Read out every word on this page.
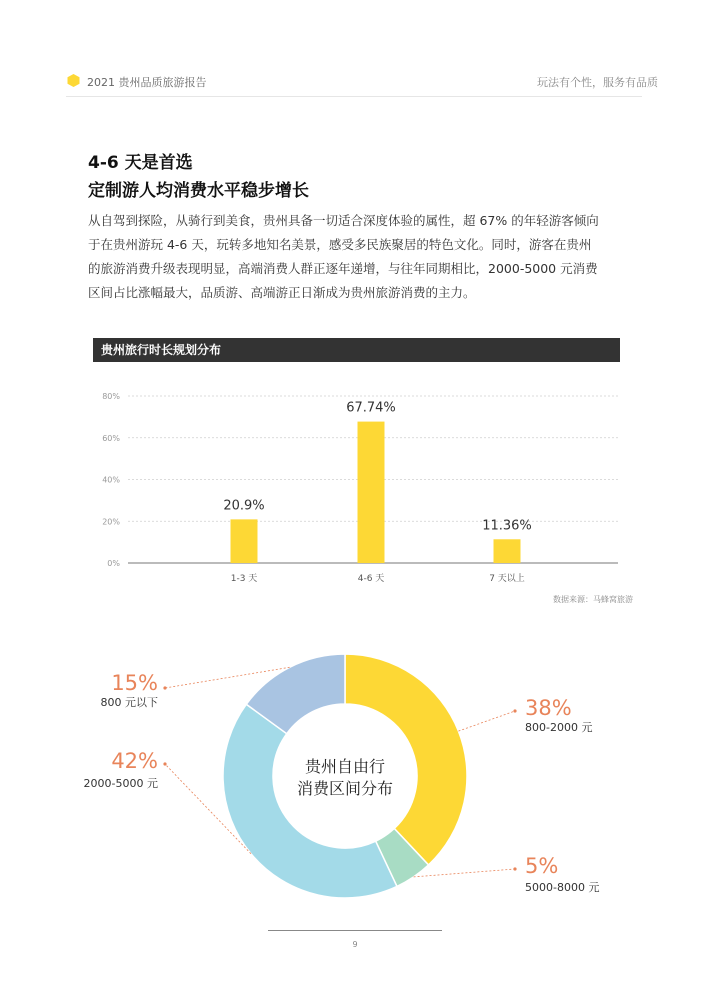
2021 贵州品质旅游报告	玩法有个性，服务有品质
4-6 天是首选
定制游人均消费水平稳步增长
从自驾到探险，从骑行到美食，贵州具备一切适合深度体验的属性，超 67% 的年轻游客倾向
于在贵州游玩 4-6 天，玩转多地知名美景，感受多民族聚居的特色文化。同时，游客在贵州
的旅游消费升级表现明显，高端消费人群正逐年递增，与往年同期相比，2000-5000 元消费
区间占比涨幅最大，品质游、高端游正日渐成为贵州旅游消费的主力。
贵州旅行时长规划分布
0%
20%
40%
60%
80%
20.9%
1-3 天
67.74%
4-6 天
11.36%
7 天以上
贵州自由行
消费区间分布
38%
800-2000 元
5%
5000-8000 元
42%
2000-5000 元
15%
800 元以下
数据来源：马蜂窝旅游
9
